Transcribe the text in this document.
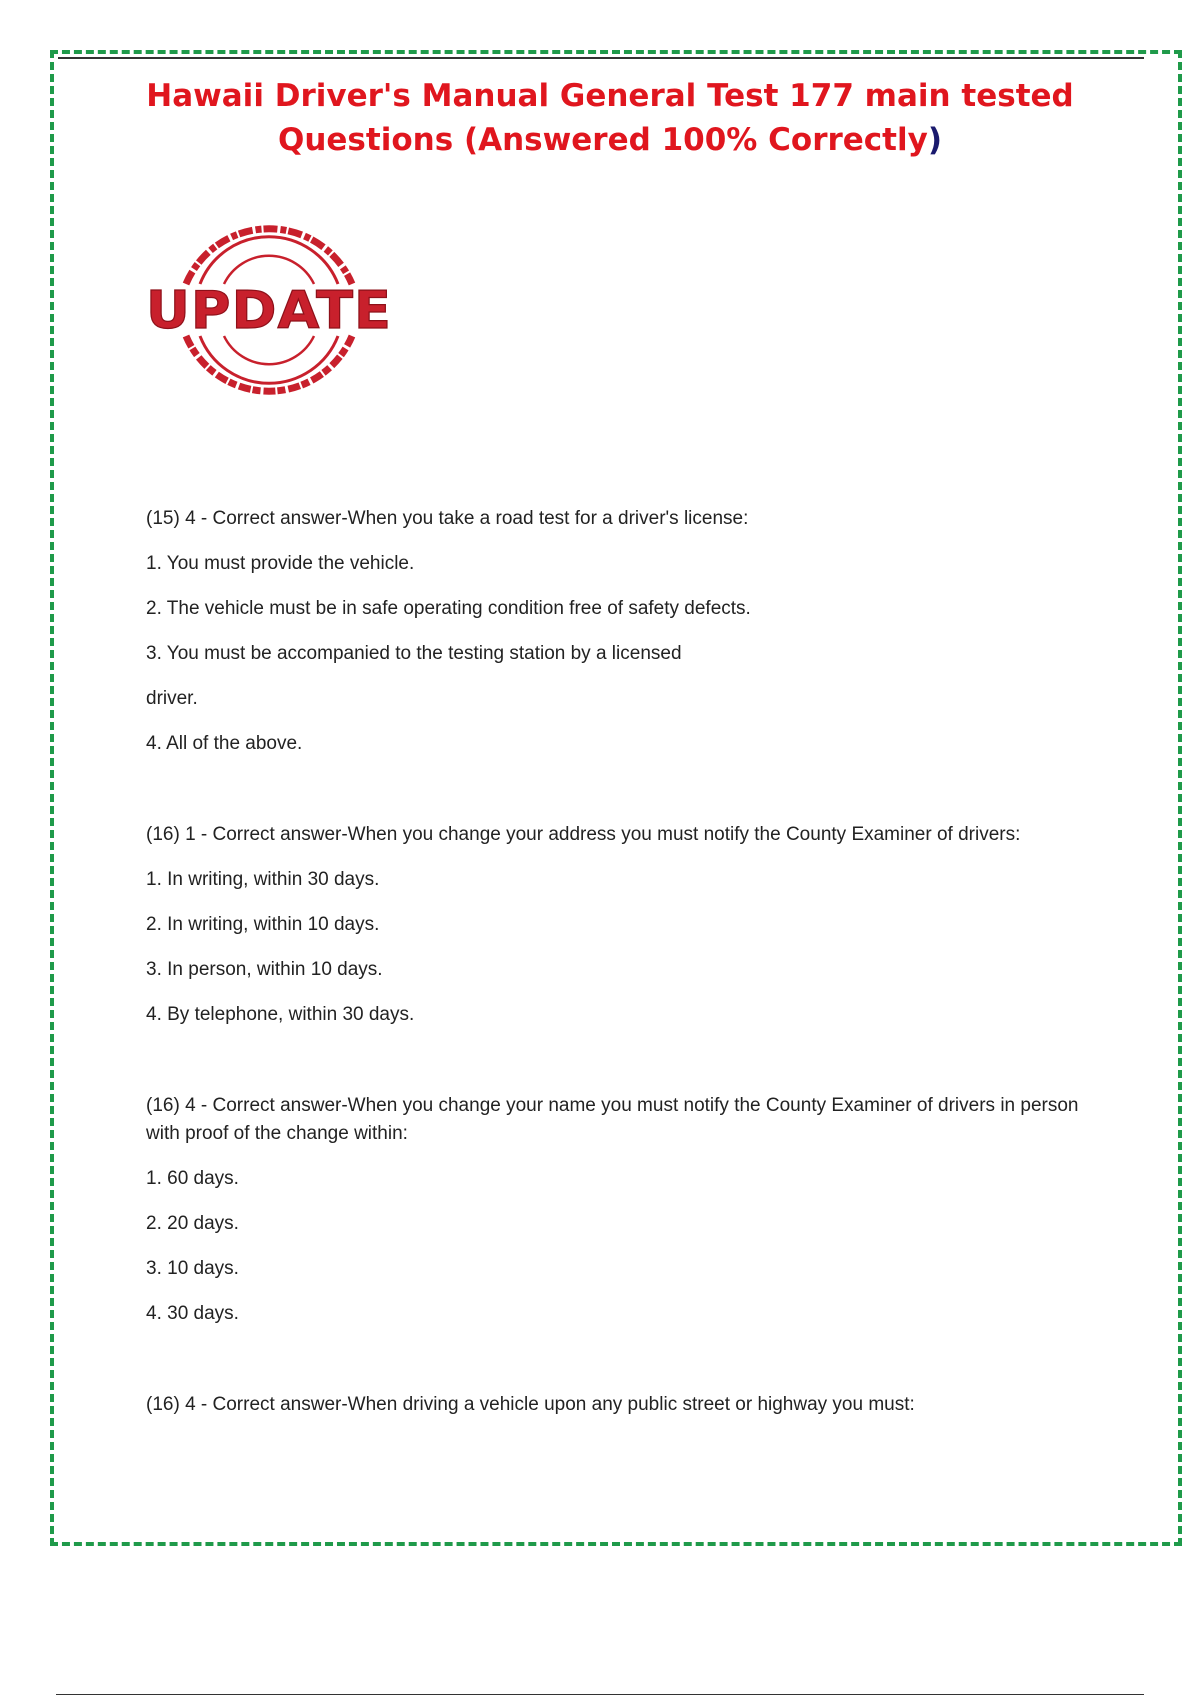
Hawaii Driver's Manual General Test 177 main tested
Questions (Answered 100% Correctly)
UPDATE
(15) 4 - Correct answer-When you take a road test for a driver's license:
1. You must provide the vehicle.
2. The vehicle must be in safe operating condition free of safety defects.
3. You must be accompanied to the testing station by a licensed
driver.
4. All of the above.
(16) 1 - Correct answer-When you change your address you must notify the County Examiner of drivers:
1. In writing, within 30 days.
2. In writing, within 10 days.
3. In person, within 10 days.
4. By telephone, within 30 days.
(16) 4 - Correct answer-When you change your name you must notify the County Examiner of drivers in person with proof of the change within:
1. 60 days.
2. 20 days.
3. 10 days.
4. 30 days.
(16) 4 - Correct answer-When driving a vehicle upon any public street or highway you must:
